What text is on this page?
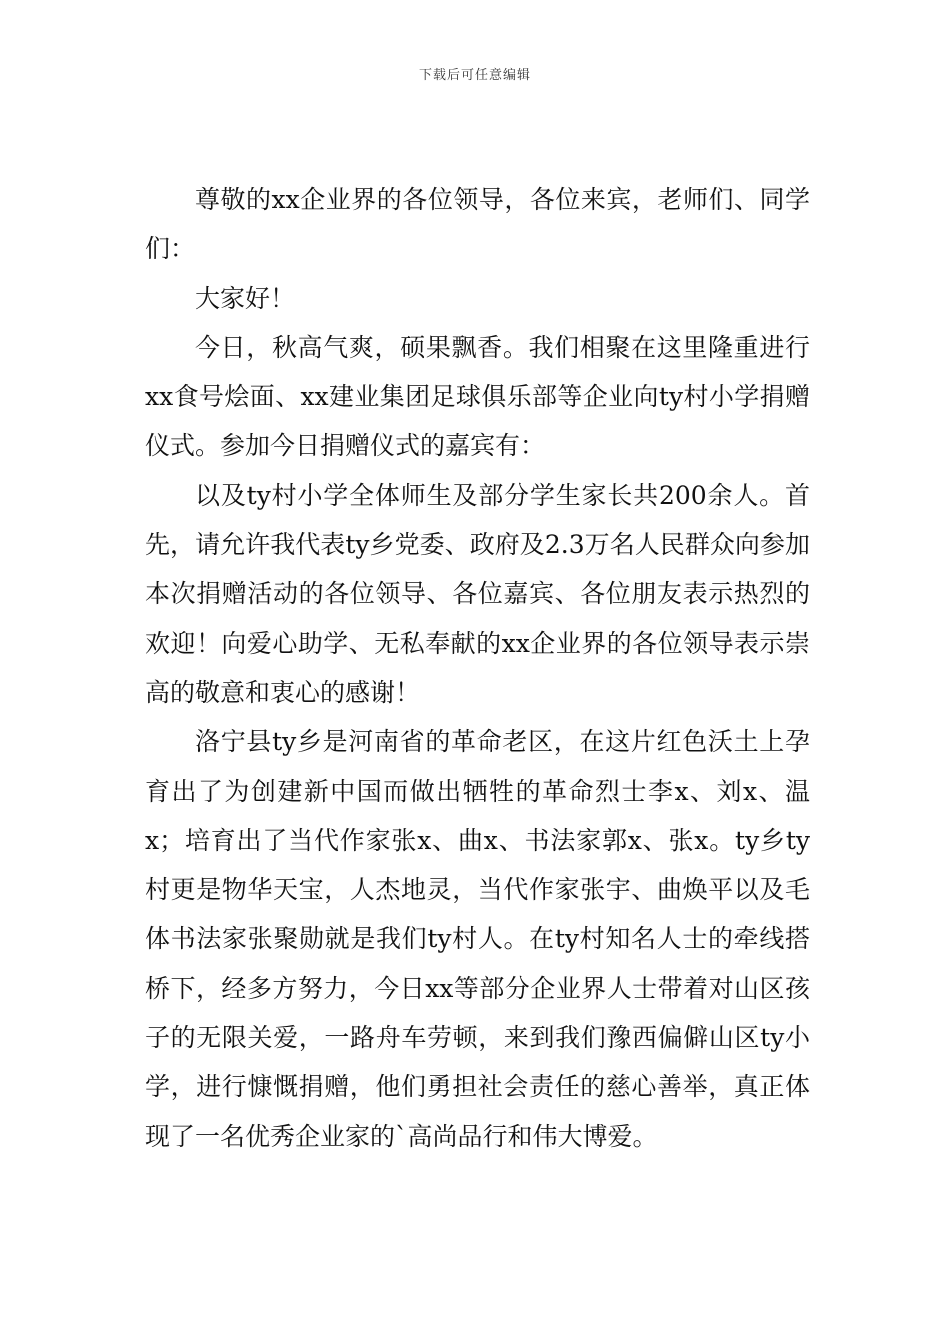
下载后可任意编辑

尊敬的xx企业界的各位领导，各位来宾，老师们、同学们：

大家好！

今日，秋高气爽，硕果飘香。我们相聚在这里隆重进行xx食号烩面、xx建业集团足球俱乐部等企业向ty村小学捐赠仪式。参加今日捐赠仪式的嘉宾有：

以及ty村小学全体师生及部分学生家长共200余人。首先，请允许我代表ty乡党委、政府及2.3万名人民群众向参加本次捐赠活动的各位领导、各位嘉宾、各位朋友表示热烈的欢迎！向爱心助学、无私奉献的xx企业界的各位领导表示崇高的敬意和衷心的感谢！

洛宁县ty乡是河南省的革命老区，在这片红色沃土上孕育出了为创建新中国而做出牺牲的革命烈士李x、刘x、温x；培育出了当代作家张x、曲x、书法家郭x、张x。ty乡ty村更是物华天宝，人杰地灵，当代作家张宇、曲焕平以及毛体书法家张聚勋就是我们ty村人。在ty村知名人士的牵线搭桥下，经多方努力，今日xx等部分企业界人士带着对山区孩子的无限关爱，一路舟车劳顿，来到我们豫西偏僻山区ty小学，进行慷慨捐赠，他们勇担社会责任的慈心善举，真正体现了一名优秀企业家的`高尚品行和伟大博爱。
